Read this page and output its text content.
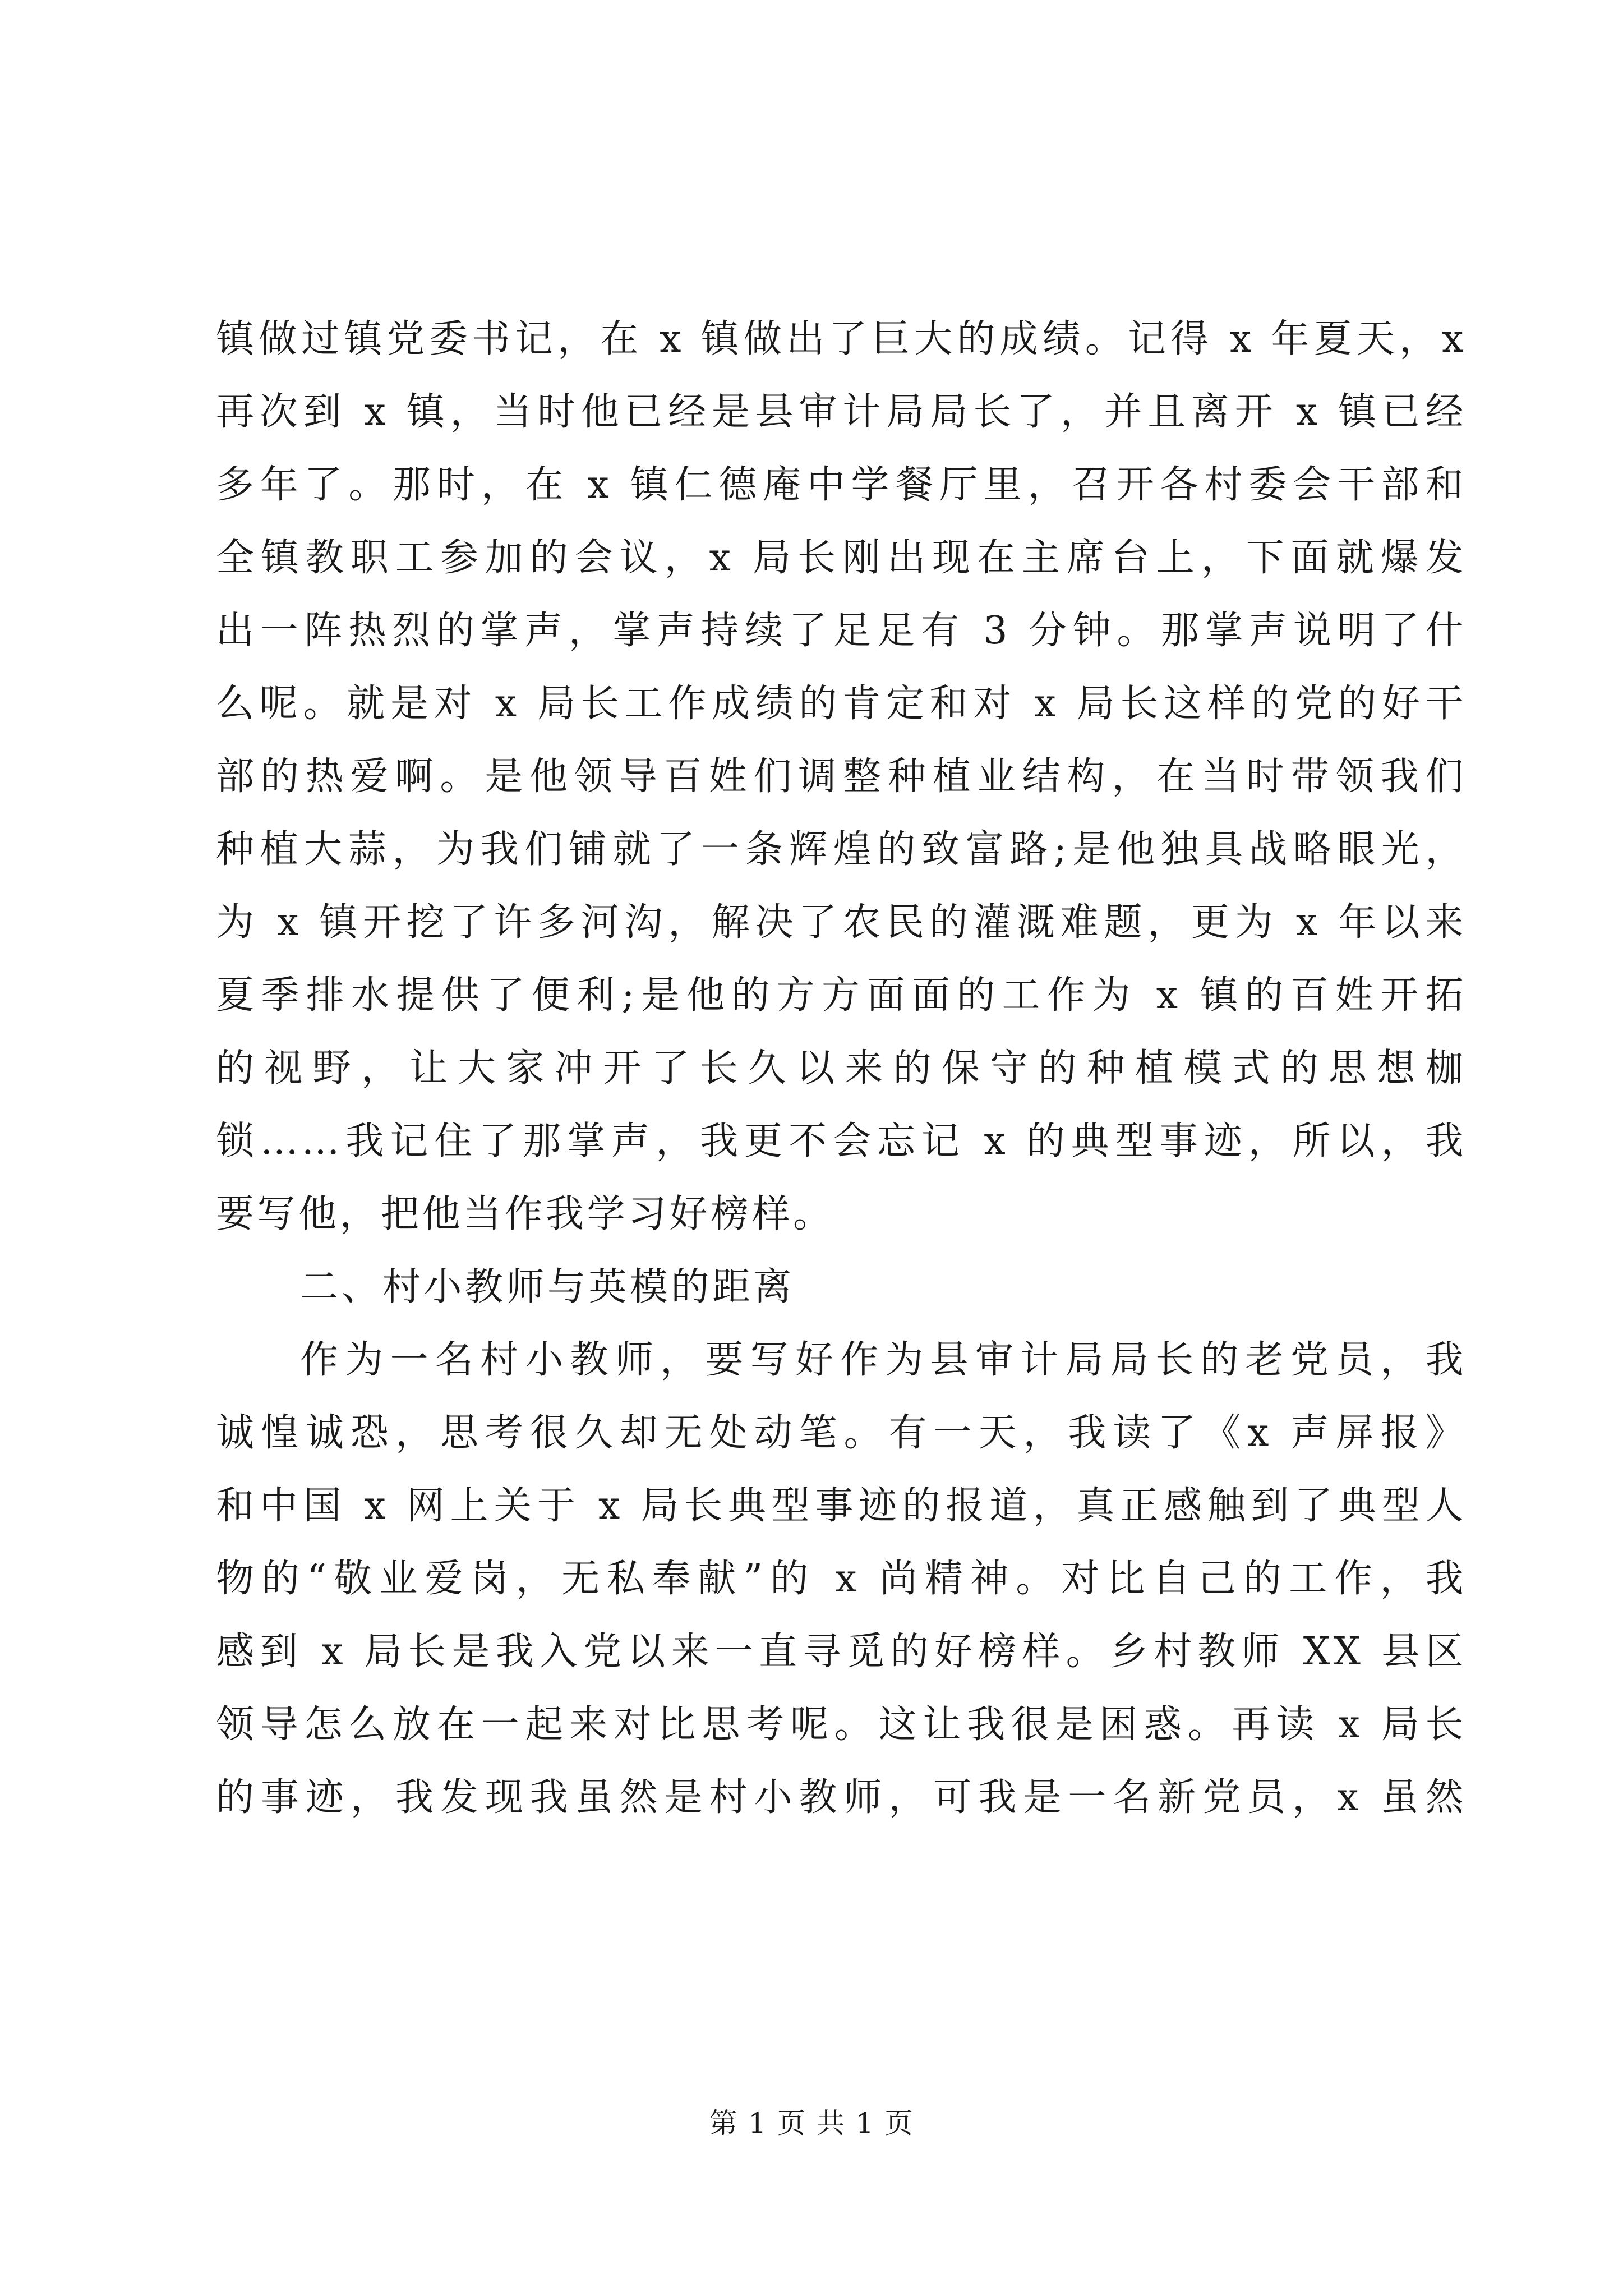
镇做过镇党委书记，在 x 镇做出了巨大的成绩。记得 x 年夏天，x
再次到 x 镇，当时他已经是县审计局局长了，并且离开 x 镇已经
多年了。那时，在 x 镇仁德庵中学餐厅里，召开各村委会干部和
全镇教职工参加的会议，x 局长刚出现在主席台上，下面就爆发
出一阵热烈的掌声，掌声持续了足足有 3 分钟。那掌声说明了什
么呢。就是对 x 局长工作成绩的肯定和对 x 局长这样的党的好干
部的热爱啊。是他领导百姓们调整种植业结构，在当时带领我们
种植大蒜，为我们铺就了一条辉煌的致富路;是他独具战略眼光，
为 x 镇开挖了许多河沟，解决了农民的灌溉难题，更为 x 年以来
夏季排水提供了便利;是他的方方面面的工作为 x 镇的百姓开拓
的视野，让大家冲开了长久以来的保守的种植模式的思想枷
锁……我记住了那掌声，我更不会忘记 x 的典型事迹，所以，我
要写他，把他当作我学习好榜样。
二、村小教师与英模的距离
作为一名村小教师，要写好作为县审计局局长的老党员，我
诚惶诚恐，思考很久却无处动笔。有一天，我读了《x 声屏报》
和中国 x 网上关于 x 局长典型事迹的报道，真正感触到了典型人
物的“敬业爱岗，无私奉献”的 x 尚精神。对比自己的工作，我
感到 x 局长是我入党以来一直寻觅的好榜样。乡村教师 XX 县区
领导怎么放在一起来对比思考呢。这让我很是困惑。再读 x 局长
的事迹，我发现我虽然是村小教师，可我是一名新党员，x 虽然
第 1 页 共 1 页
